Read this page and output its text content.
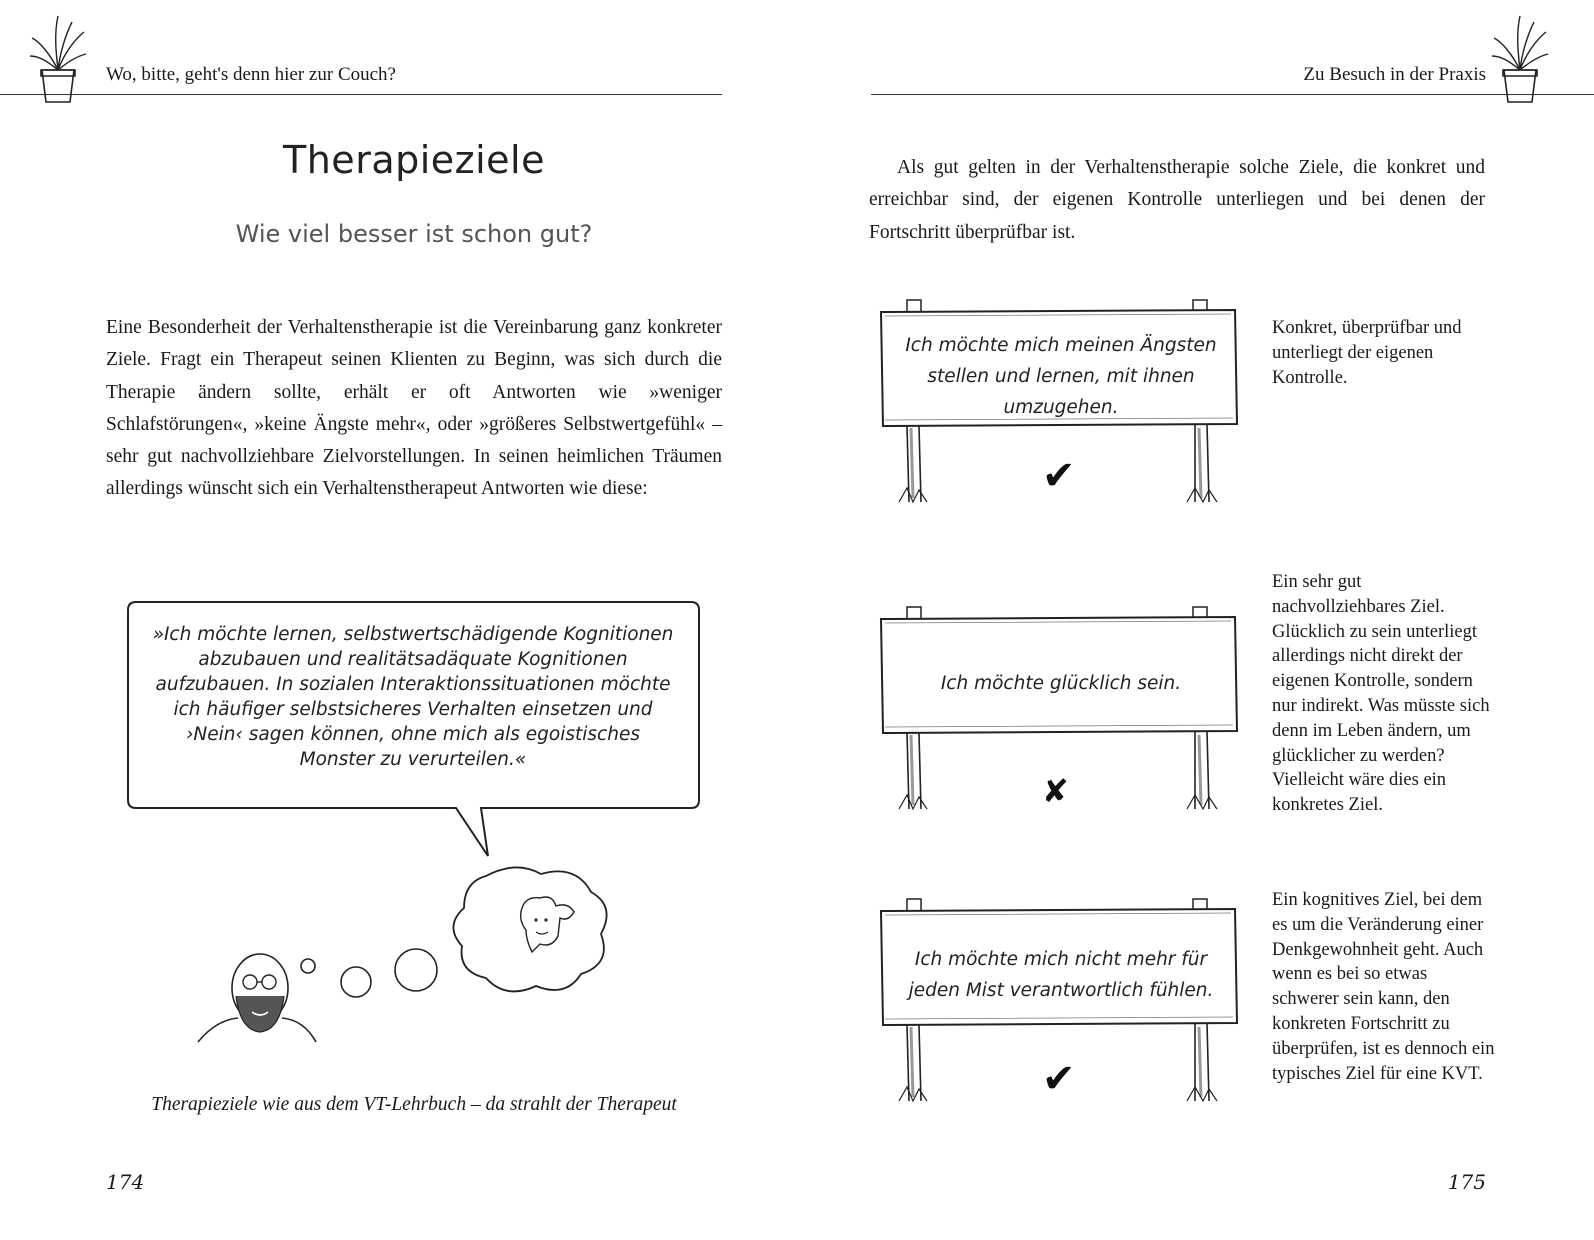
Wo, bitte, geht's denn hier zur Couch?
Therapieziele
Wie viel besser ist schon gut?

Eine Besonderheit der Verhaltenstherapie ist die Vereinbarung ganz konkreter Ziele. Fragt ein Therapeut seinen Klienten zu Beginn, was sich durch die Therapie ändern sollte, erhält er oft Antworten wie »weniger Schlafstörungen«, »keine Ängste mehr«, oder »größeres Selbstwertgefühl« – sehr gut nachvollziehbare Zielvorstellungen. In seinen heimlichen Träumen allerdings wünscht sich ein Verhaltenstherapeut Antworten wie diese:

»Ich möchte lernen, selbstwertschädigende Kognitionen abzubauen und realitätsadäquate Kognitionen aufzubauen. In sozialen Interaktionssituationen möchte ich häufiger selbstsicheres Verhalten einsetzen und ›Nein‹ sagen können, ohne mich als egoistisches Monster zu verurteilen.«
Therapieziele wie aus dem VT-Lehrbuch – da strahlt der Therapeut
174
Zu Besuch in der Praxis

Als gut gelten in der Verhaltenstherapie solche Ziele, die konkret und erreichbar sind, der eigenen Kontrolle unterliegen und bei denen der Fortschritt überprüfbar ist.

Ich möchte mich meinen Ängsten stellen und lernen, mit ihnen umzugehen.
✔
Konkret, überprüfbar und unterliegt der eigenen Kontrolle.
Ich möchte glücklich sein.
✘
Ein sehr gut nachvollziehbares Ziel. Glücklich zu sein unterliegt allerdings nicht direkt der eigenen Kontrolle, sondern nur indirekt. Was müsste sich denn im Leben ändern, um glücklicher zu werden? Vielleicht wäre dies ein konkretes Ziel.
Ich möchte mich nicht mehr für jeden Mist verantwortlich fühlen.
✔
Ein kognitives Ziel, bei dem es um die Veränderung einer Denkgewohnheit geht. Auch wenn es bei so etwas schwerer sein kann, den konkreten Fortschritt zu überprüfen, ist es dennoch ein typisches Ziel für eine KVT.
175
